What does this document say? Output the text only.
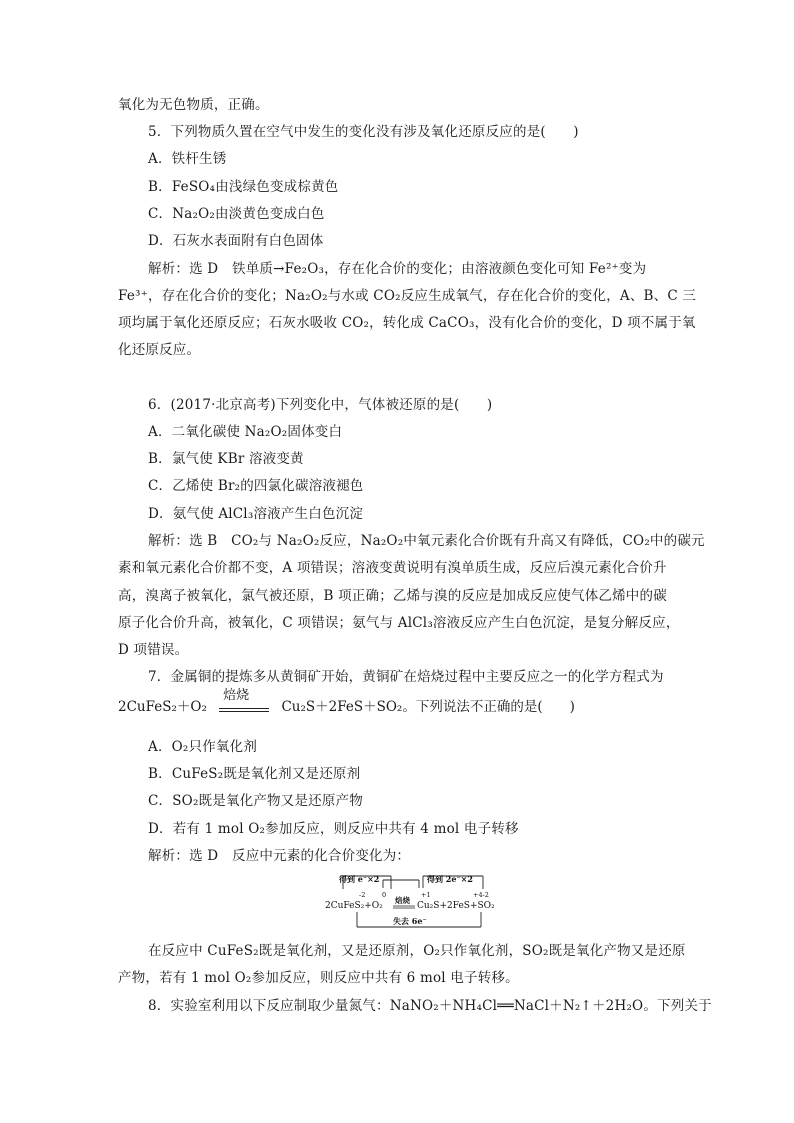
氧化为无色物质，正确。
5．下列物质久置在空气中发生的变化没有涉及氧化还原反应的是(　　)
A．铁杆生锈
B．FeSO₄由浅绿色变成棕黄色
C．Na₂O₂由淡黄色变成白色
D．石灰水表面附有白色固体
解析：选 D　铁单质→Fe₂O₃，存在化合价的变化；由溶液颜色变化可知 Fe²⁺变为
Fe³⁺，存在化合价的变化；Na₂O₂与水或 CO₂反应生成氧气，存在化合价的变化，A、B、C 三
项均属于氧化还原反应；石灰水吸收 CO₂，转化成 CaCO₃，没有化合价的变化，D 项不属于氧
化还原反应。
6．(2017·北京高考)下列变化中，气体被还原的是(　　)
A．二氧化碳使 Na₂O₂固体变白
B．氯气使 KBr 溶液变黄
C．乙烯使 Br₂的四氯化碳溶液褪色
D．氨气使 AlCl₃溶液产生白色沉淀
解析：选 B　CO₂与 Na₂O₂反应，Na₂O₂中氧元素化合价既有升高又有降低，CO₂中的碳元
素和氧元素化合价都不变，A 项错误；溶液变黄说明有溴单质生成，反应后溴元素化合价升
高，溴离子被氧化，氯气被还原，B 项正确；乙烯与溴的反应是加成反应使气体乙烯中的碳
原子化合价升高，被氧化，C 项错误；氨气与 AlCl₃溶液反应产生白色沉淀，是复分解反应，
D 项错误。
7．金属铜的提炼多从黄铜矿开始，黄铜矿在焙烧过程中主要反应之一的化学方程式为
2CuFeS₂＋O₂
焙烧
Cu₂S＋2FeS＋SO₂。下列说法不正确的是(　　)
A．O₂只作氧化剂
B．CuFeS₂既是氧化剂又是还原剂
C．SO₂既是氧化产物又是还原产物
D．若有 1 mol O₂参加反应，则反应中共有 4 mol 电子转移
解析：选 D　反应中元素的化合价变化为：
得到 e⁻×2	得到 2e⁻×2
-2	0	+1	+4-2
2CuFeS₂+O₂
焙烧
Cu₂S+2FeS+SO₂
失去 6e⁻
在反应中 CuFeS₂既是氧化剂，又是还原剂，O₂只作氧化剂，SO₂既是氧化产物又是还原
产物，若有 1 mol O₂参加反应，则反应中共有 6 mol 电子转移。
8．实验室利用以下反应制取少量氮气：NaNO₂＋NH₄Cl══NaCl＋N₂↑＋2H₂O。下列关于
